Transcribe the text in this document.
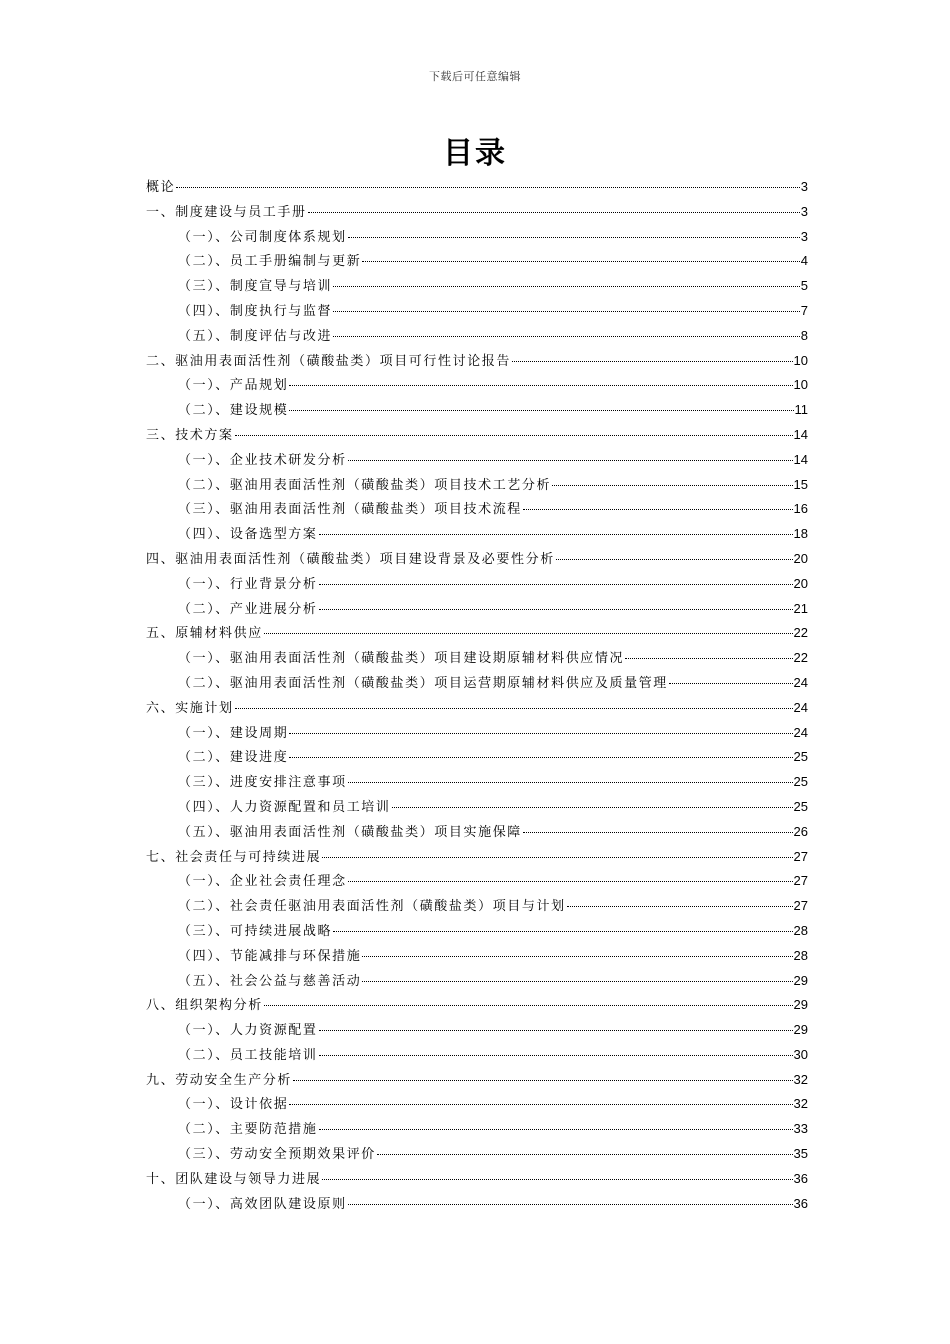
下载后可任意编辑
目录
概论	3
一、制度建设与员工手册	3
（一）、公司制度体系规划	3
（二）、员工手册编制与更新	4
（三）、制度宣导与培训	5
（四）、制度执行与监督	7
（五）、制度评估与改进	8
二、驱油用表面活性剂（磺酸盐类）项目可行性讨论报告	10
（一）、产品规划	10
（二）、建设规模	11
三、技术方案	14
（一）、企业技术研发分析	14
（二）、驱油用表面活性剂（磺酸盐类）项目技术工艺分析	15
（三）、驱油用表面活性剂（磺酸盐类）项目技术流程	16
（四）、设备选型方案	18
四、驱油用表面活性剂（磺酸盐类）项目建设背景及必要性分析	20
（一）、行业背景分析	20
（二）、产业进展分析	21
五、原辅材料供应	22
（一）、驱油用表面活性剂（磺酸盐类）项目建设期原辅材料供应情况	22
（二）、驱油用表面活性剂（磺酸盐类）项目运营期原辅材料供应及质量管理	24
六、实施计划	24
（一）、建设周期	24
（二）、建设进度	25
（三）、进度安排注意事项	25
（四）、人力资源配置和员工培训	25
（五）、驱油用表面活性剂（磺酸盐类）项目实施保障	26
七、社会责任与可持续进展	27
（一）、企业社会责任理念	27
（二）、社会责任驱油用表面活性剂（磺酸盐类）项目与计划	27
（三）、可持续进展战略	28
（四）、节能减排与环保措施	28
（五）、社会公益与慈善活动	29
八、组织架构分析	29
（一）、人力资源配置	29
（二）、员工技能培训	30
九、劳动安全生产分析	32
（一）、设计依据	32
（二）、主要防范措施	33
（三）、劳动安全预期效果评价	35
十、团队建设与领导力进展	36
（一）、高效团队建设原则	36
